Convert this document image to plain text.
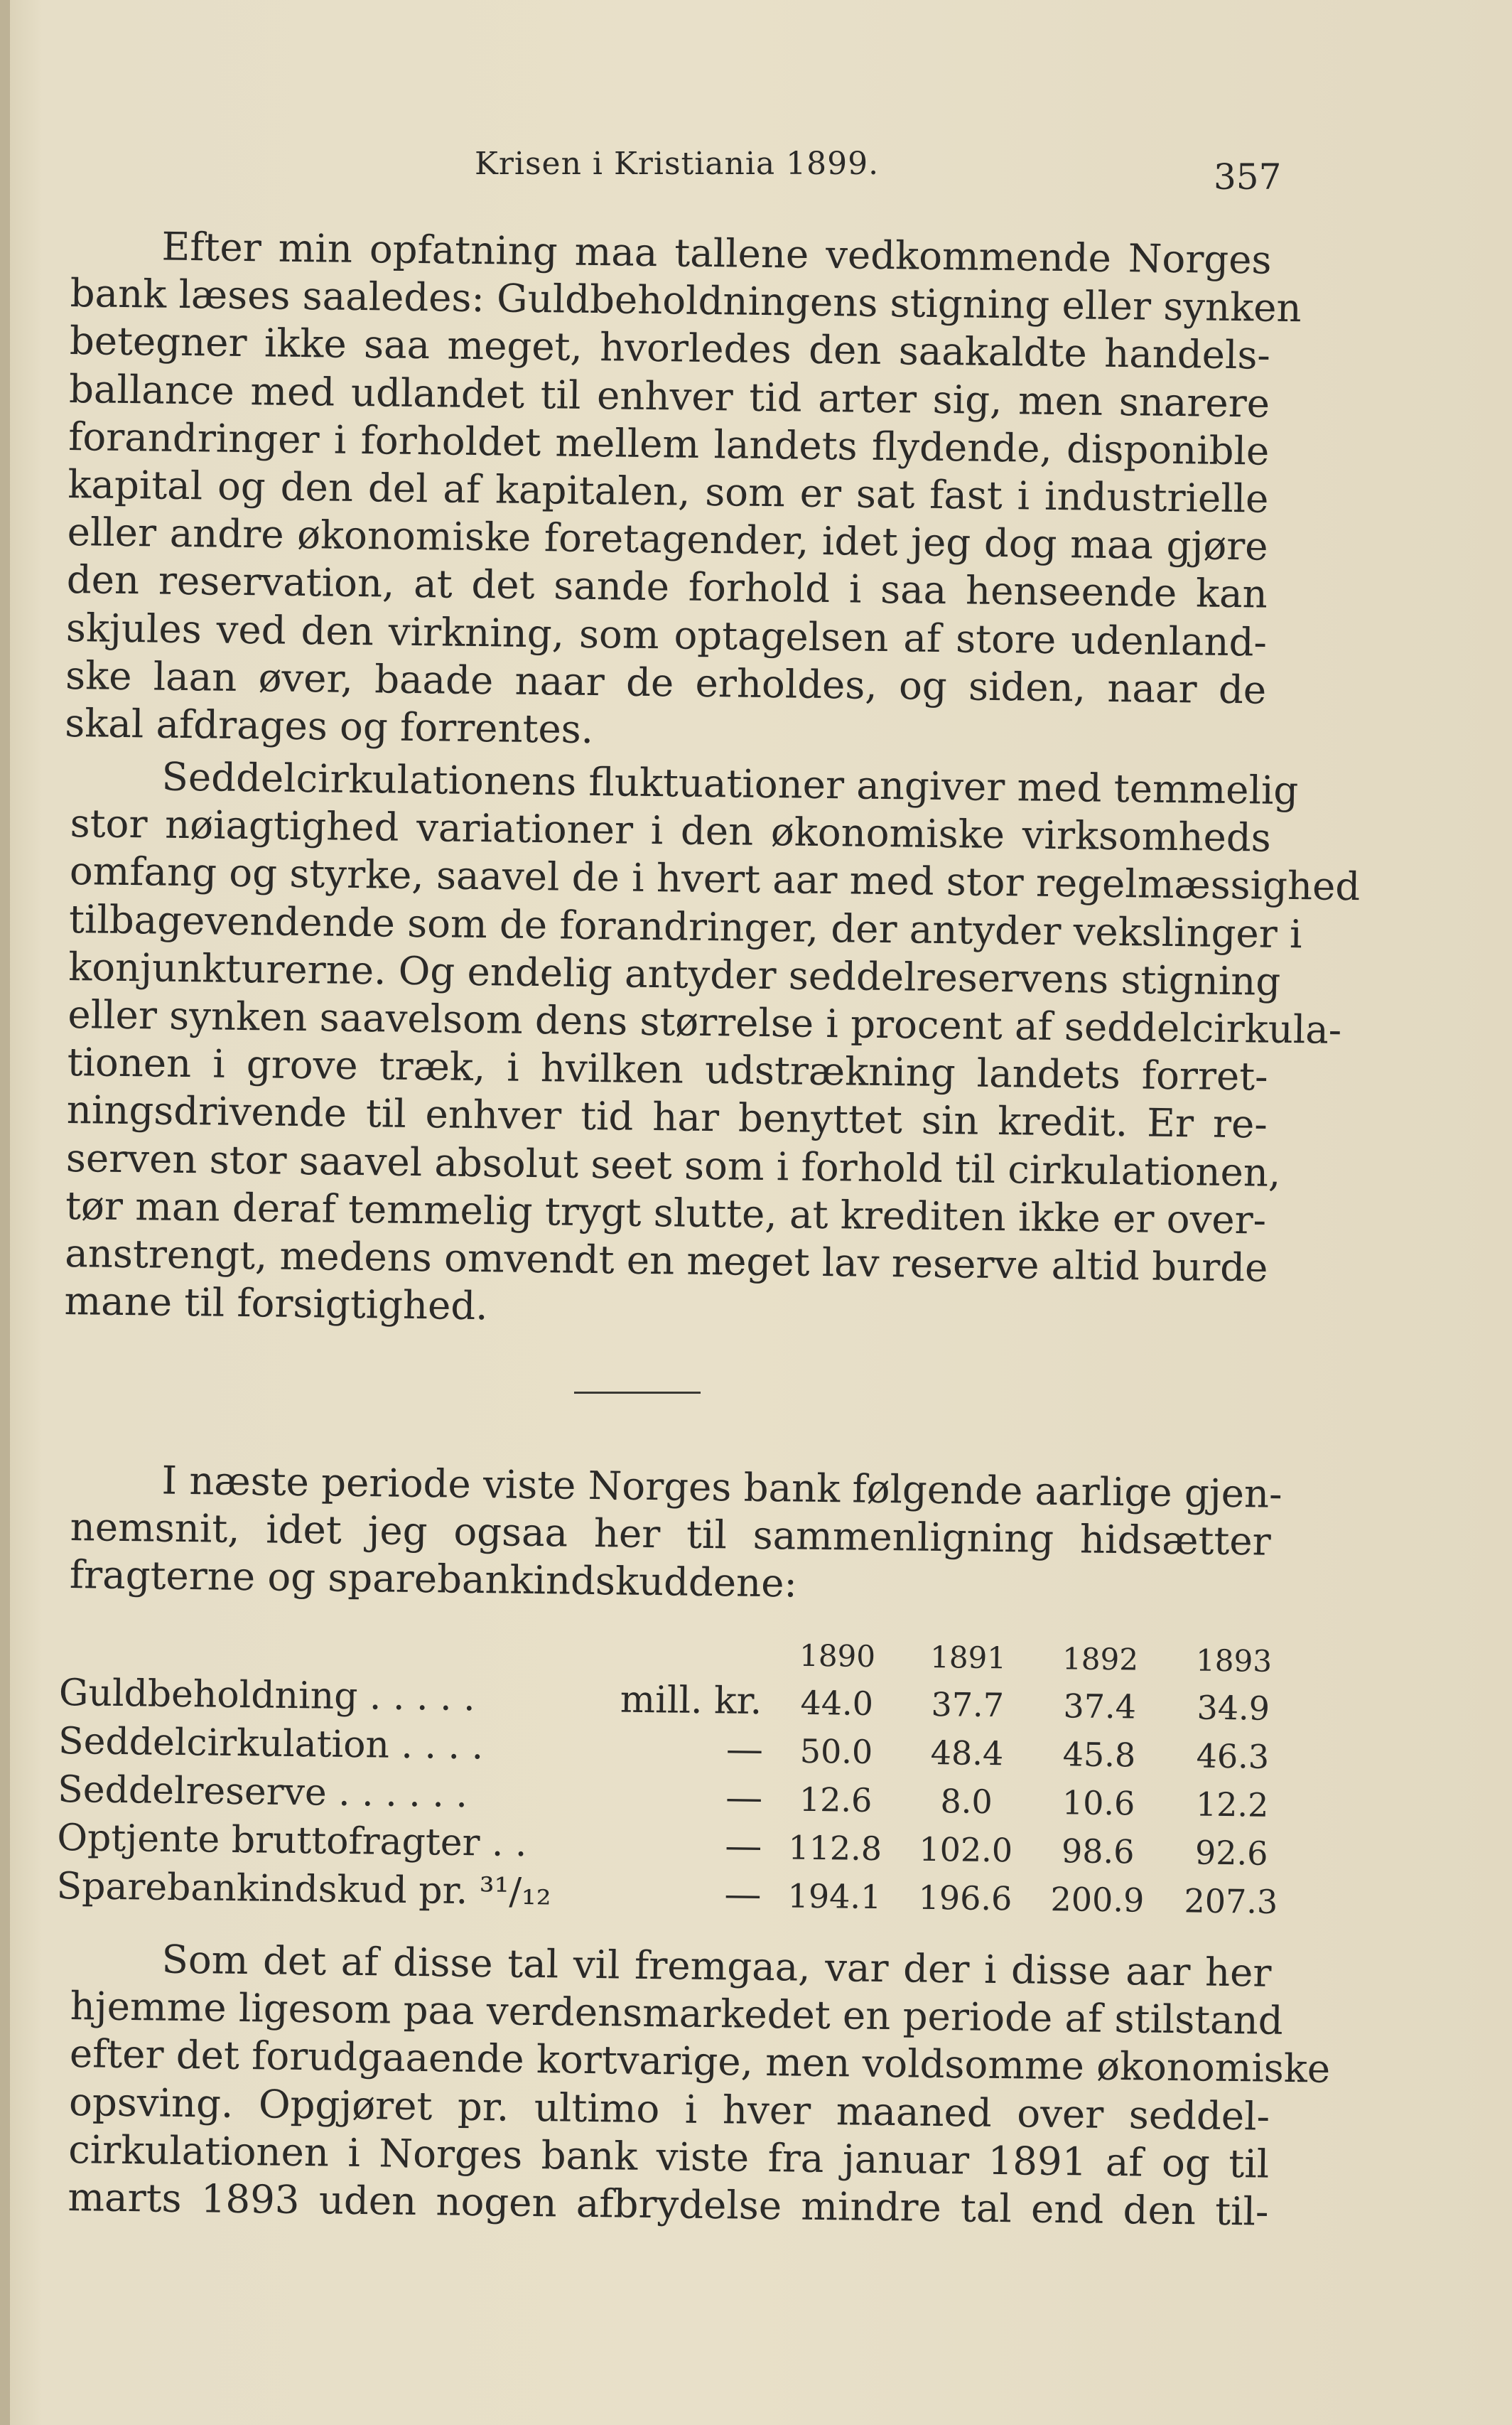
Krisen i Kristiania 1899.	357
Efter min opfatning maa tallene vedkommende Norges
bank læses saaledes: Guldbeholdningens stigning eller synken
betegner ikke saa meget, hvorledes den saakaldte handels-
ballance med udlandet til enhver tid arter sig, men snarere
forandringer i forholdet mellem landets flydende, disponible
kapital og den del af kapitalen, som er sat fast i industrielle
eller andre økonomiske foretagender, idet jeg dog maa gjøre
den reservation, at det sande forhold i saa henseende kan
skjules ved den virkning, som optagelsen af store udenland-
ske laan øver, baade naar de erholdes, og siden, naar de
skal afdrages og forrentes.
Seddelcirkulationens fluktuationer angiver med temmelig
stor nøiagtighed variationer i den økonomiske virksomheds
omfang og styrke, saavel de i hvert aar med stor regelmæssighed
tilbagevendende som de forandringer, der antyder vekslinger i
konjunkturerne. Og endelig antyder seddelreservens stigning
eller synken saavelsom dens størrelse i procent af seddelcirkula-
tionen i grove træk, i hvilken udstrækning landets forret-
ningsdrivende til enhver tid har benyttet sin kredit. Er re-
serven stor saavel absolut seet som i forhold til cirkulationen,
tør man deraf temmelig trygt slutte, at krediten ikke er over-
anstrengt, medens omvendt en meget lav reserve altid burde
mane til forsigtighed.
I næste periode viste Norges bank følgende aarlige gjen-
nemsnit, idet jeg ogsaa her til sammenligning hidsætter
fragterne og sparebankindskuddene:
1890	1891	1892	1893
Guldbeholdning . . . . .	mill. kr.	44.0	37.7	37.4	34.9
Seddelcirkulation . . . .	—	50.0	48.4	45.8	46.3
Seddelreserve . . . . . .	—	12.6	8.0	10.6	12.2
Optjente bruttofragter . .	— 112.8 102.0	98.6	92.6
Sparebankindskud pr. ³¹/₁₂	— 194.1 196.6 200.9 207.3
Som det af disse tal vil fremgaa, var der i disse aar her
hjemme ligesom paa verdensmarkedet en periode af stilstand
efter det forudgaaende kortvarige, men voldsomme økonomiske
opsving. Opgjøret pr. ultimo i hver maaned over seddel-
cirkulationen i Norges bank viste fra januar 1891 af og til
marts 1893 uden nogen afbrydelse mindre tal end den til-
